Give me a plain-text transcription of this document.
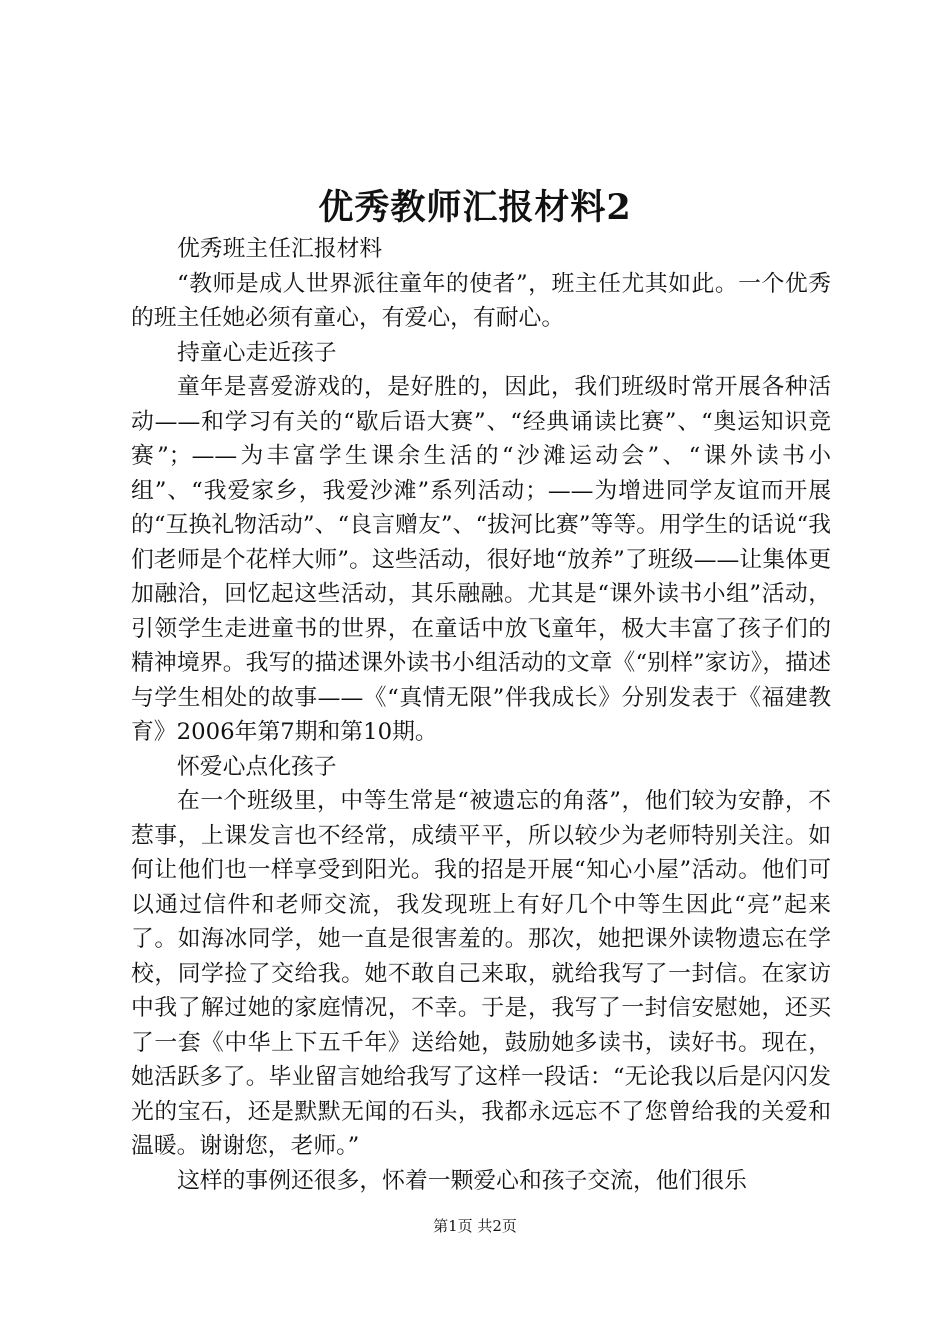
优秀教师汇报材料2

优秀班主任汇报材料

“教师是成人世界派往童年的使者”，班主任尤其如此。一个优秀的班主任她必须有童心，有爱心，有耐心。

持童心走近孩子

童年是喜爱游戏的，是好胜的，因此，我们班级时常开展各种活动——和学习有关的“歇后语大赛”、“经典诵读比赛”、“奥运知识竞赛”；——为丰富学生课余生活的“沙滩运动会”、“课外读书小组”、“我爱家乡，我爱沙滩”系列活动；——为增进同学友谊而开展的“互换礼物活动”、“良言赠友”、“拔河比赛”等等。用学生的话说“我们老师是个花样大师”。这些活动，很好地“放养”了班级——让集体更加融洽，回忆起这些活动，其乐融融。尤其是“课外读书小组”活动，引领学生走进童书的世界，在童话中放飞童年，极大丰富了孩子们的精神境界。我写的描述课外读书小组活动的文章《“别样”家访》，描述与学生相处的故事——《“真情无限”伴我成长》分别发表于《福建教育》2006年第7期和第10期。

怀爱心点化孩子

在一个班级里，中等生常是“被遗忘的角落”，他们较为安静，不惹事，上课发言也不经常，成绩平平，所以较少为老师特别关注。如何让他们也一样享受到阳光。我的招是开展“知心小屋”活动。他们可以通过信件和老师交流，我发现班上有好几个中等生因此“亮”起来了。如海冰同学，她一直是很害羞的。那次，她把课外读物遗忘在学校，同学捡了交给我。她不敢自己来取，就给我写了一封信。在家访中我了解过她的家庭情况，不幸。于是，我写了一封信安慰她，还买了一套《中华上下五千年》送给她，鼓励她多读书，读好书。现在，她活跃多了。毕业留言她给我写了这样一段话：“无论我以后是闪闪发光的宝石，还是默默无闻的石头，我都永远忘不了您曾给我的关爱和温暖。谢谢您，老师。”

这样的事例还很多，怀着一颗爱心和孩子交流，他们很乐

第1页 共2页
